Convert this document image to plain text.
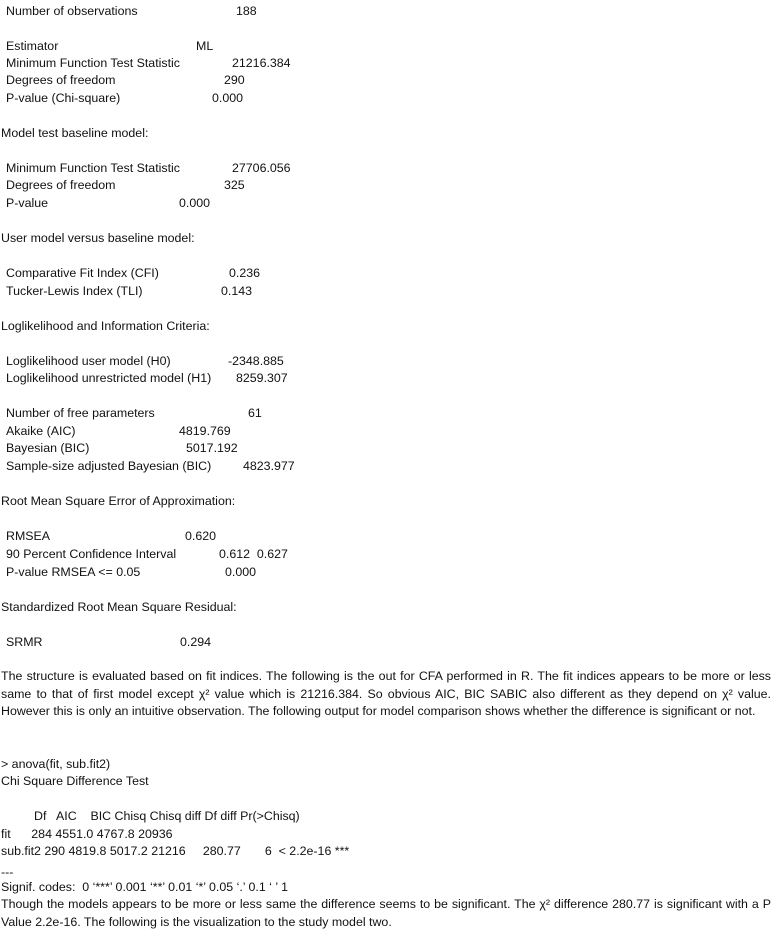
Number of observations	188
Estimator	ML
Minimum Function Test Statistic	21216.384
Degrees of freedom	290
P-value (Chi-square)	0.000
Model test baseline model:
Minimum Function Test Statistic	27706.056
Degrees of freedom	325
P-value	0.000
User model versus baseline model:
Comparative Fit Index (CFI)	0.236
Tucker-Lewis Index (TLI)	0.143
Loglikelihood and Information Criteria:
Loglikelihood user model (H0)	-2348.885
Loglikelihood unrestricted model (H1) 8259.307
Number of free parameters	61
Akaike (AIC)	4819.769
Bayesian (BIC)	5017.192
Sample-size adjusted Bayesian (BIC)	4823.977
Root Mean Square Error of Approximation:
RMSEA	0.620
90 Percent Confidence Interval	0.612  0.627
P-value RMSEA <= 0.05	0.000
Standardized Root Mean Square Residual:
SRMR	0.294
The structure is evaluated based on fit indices. The following is the out for CFA performed in R. The fit indices appears to be more or less same to that of first model except χ² value which is 21216.384. So obvious AIC, BIC SABIC also different as they depend on χ² value. However this is only an intuitive observation. The following output for model comparison shows whether the difference is significant or not.
> anova(fit, sub.fit2)
Chi Square Difference Test
Df   AIC    BIC Chisq Chisq diff Df diff Pr(>Chisq)
fit      284 4551.0 4767.8 20936
sub.fit2 290 4819.8 5017.2 21216     280.77       6  < 2.2e-16 ***
---
Signif. codes:  0 ‘***’ 0.001 ‘**’ 0.01 ‘*’ 0.05 ‘.’ 0.1 ‘ ’ 1
Though the models appears to be more or less same the difference seems to be significant. The χ² difference 280.77 is significant with a P Value 2.2e-16. The following is the visualization to the study model two.
